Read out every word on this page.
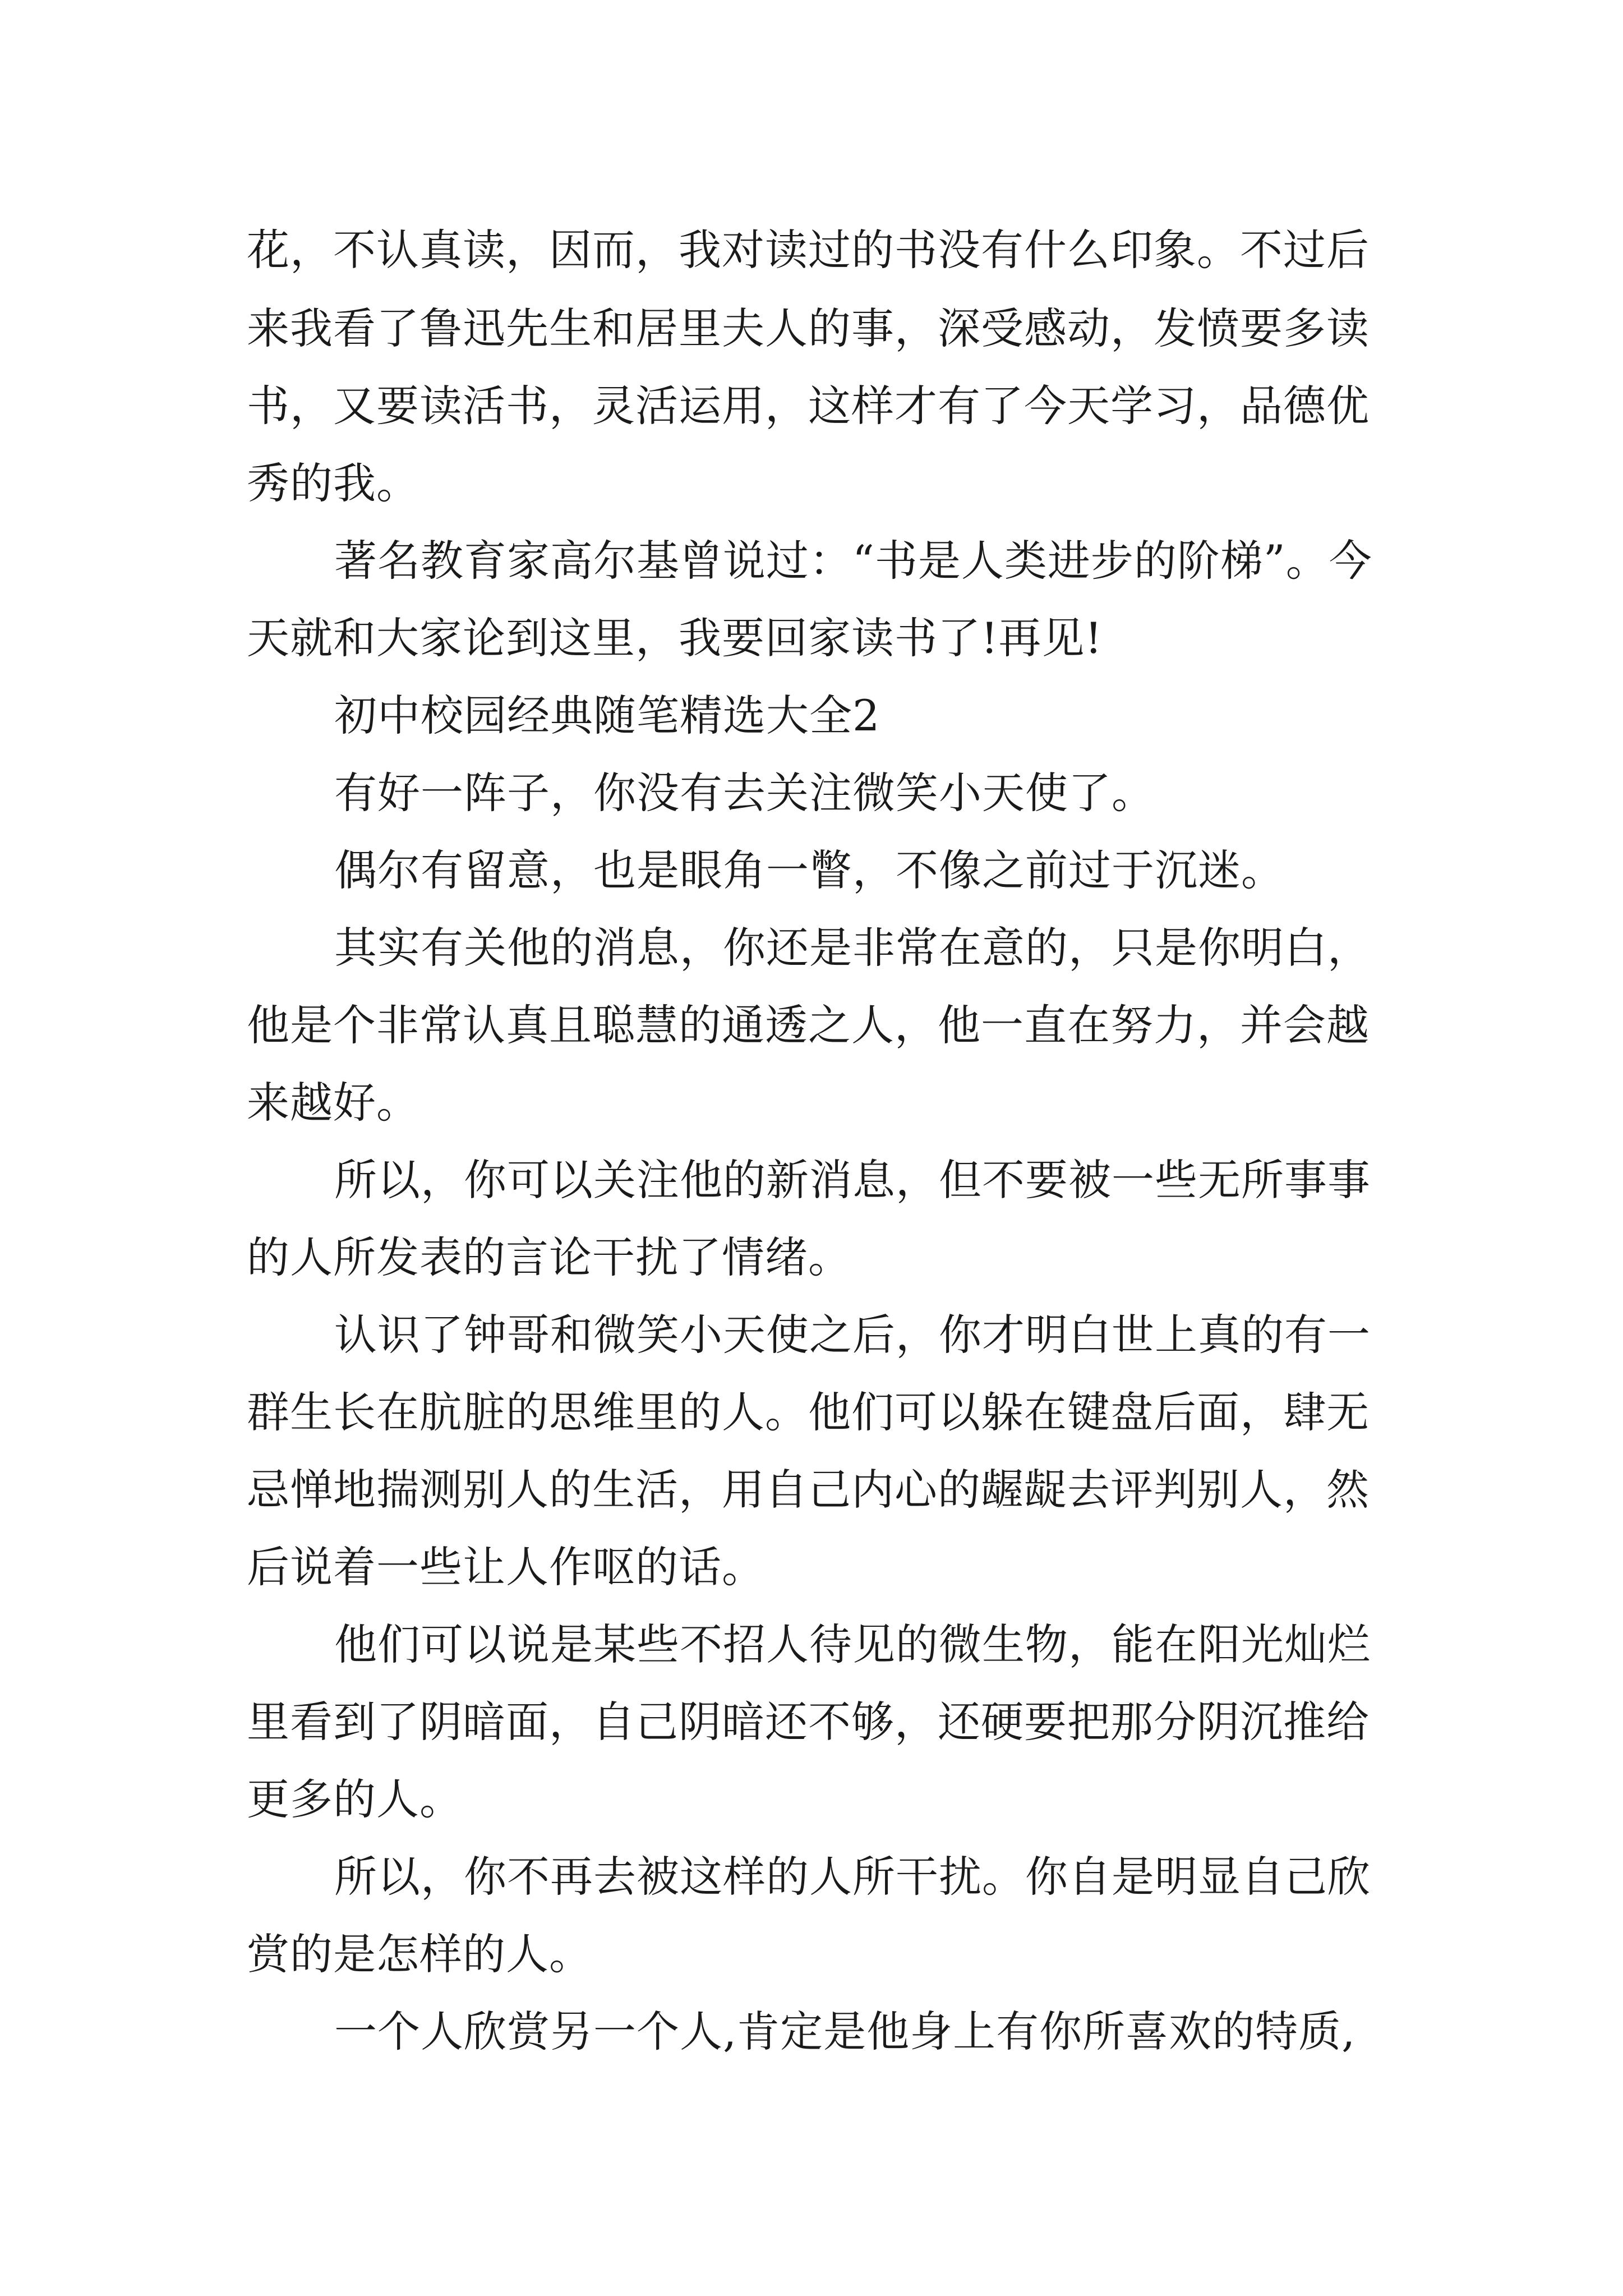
花，不认真读，因而，我对读过的书没有什么印象。不过后
来我看了鲁迅先生和居里夫人的事，深受感动，发愤要多读
书，又要读活书，灵活运用，这样才有了今天学习，品德优
秀的我。
著名教育家高尔基曾说过：“书是人类进步的阶梯”。今
天就和大家论到这里，我要回家读书了!再见!
初中校园经典随笔精选大全2
有好一阵子，你没有去关注微笑小天使了。
偶尔有留意，也是眼角一瞥，不像之前过于沉迷。
其实有关他的消息，你还是非常在意的，只是你明白，
他是个非常认真且聪慧的通透之人，他一直在努力，并会越
来越好。
所以，你可以关注他的新消息，但不要被一些无所事事
的人所发表的言论干扰了情绪。
认识了钟哥和微笑小天使之后，你才明白世上真的有一
群生长在肮脏的思维里的人。他们可以躲在键盘后面，肆无
忌惮地揣测别人的生活，用自己内心的龌龊去评判别人，然
后说着一些让人作呕的话。
他们可以说是某些不招人待见的微生物，能在阳光灿烂
里看到了阴暗面，自己阴暗还不够，还硬要把那分阴沉推给
更多的人。
所以，你不再去被这样的人所干扰。你自是明显自己欣
赏的是怎样的人。
一个人欣赏另一个人,肯定是他身上有你所喜欢的特质,
